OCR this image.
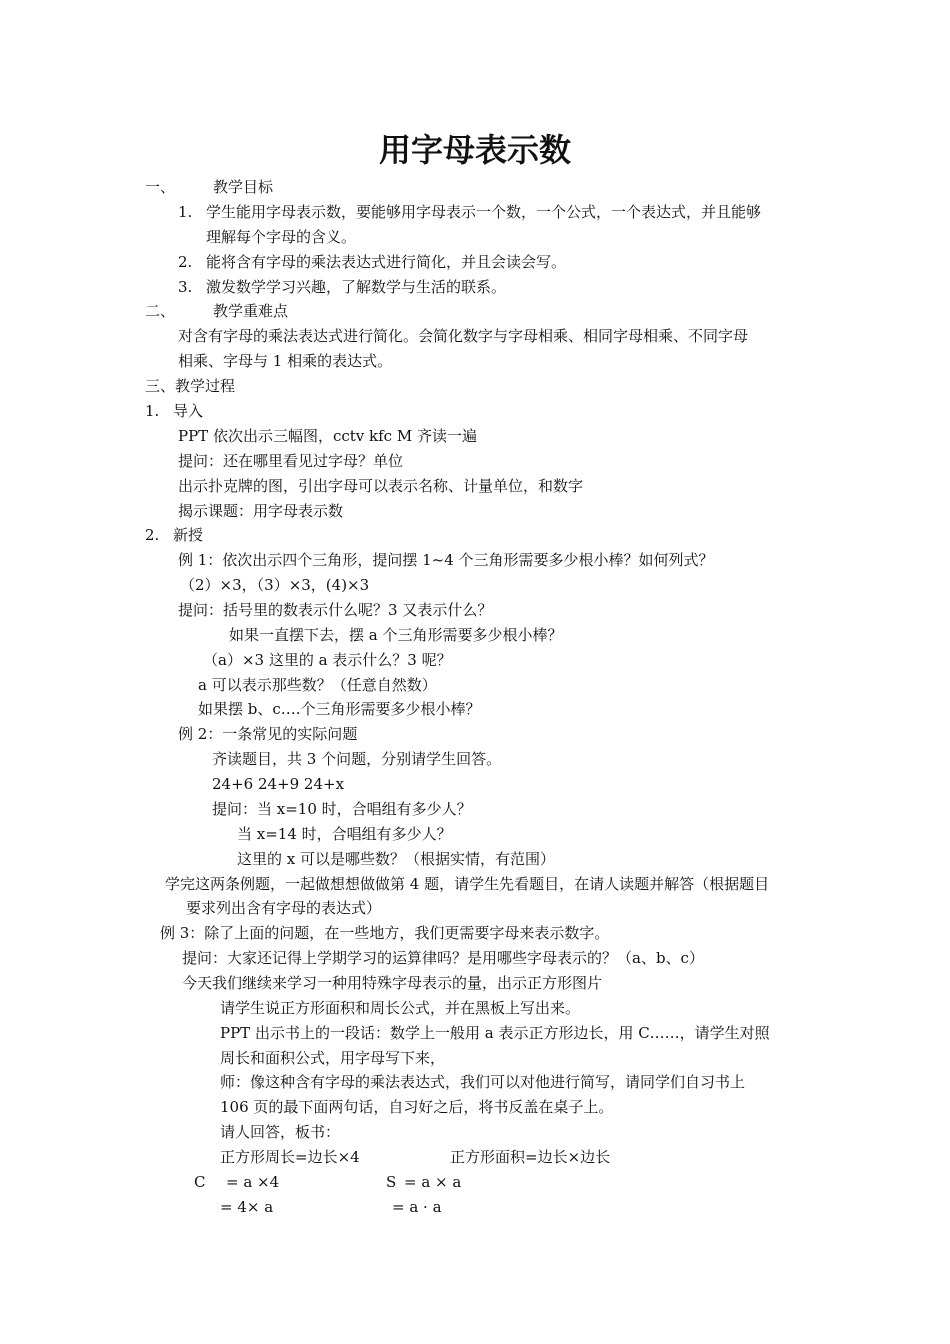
用字母表示数
一、	教学目标
1. 学生能用字母表示数，要能够用字母表示一个数，一个公式，一个表达式，并且能够
理解每个字母的含义。
2. 能将含有字母的乘法表达式进行简化，并且会读会写。
3. 激发数学学习兴趣，了解数学与生活的联系。
二、	教学重难点
对含有字母的乘法表达式进行简化。会简化数字与字母相乘、相同字母相乘、不同字母
相乘、字母与 1 相乘的表达式。
三、教学过程
1. 导入
PPT 依次出示三幅图，cctv kfc M 齐读一遍
提问：还在哪里看见过字母？单位
出示扑克牌的图，引出字母可以表示名称、计量单位，和数字
揭示课题：用字母表示数
2. 新授
例 1：依次出示四个三角形，提问摆 1~4 个三角形需要多少根小棒？如何列式？
（2）×3，（3）×3，(4)×3
提问：括号里的数表示什么呢？3 又表示什么？
如果一直摆下去，摆 a 个三角形需要多少根小棒？
（a）×3 这里的 a 表示什么？3 呢？
a 可以表示那些数？（任意自然数）
如果摆 b、c….个三角形需要多少根小棒？
例 2：一条常见的实际问题
齐读题目，共 3 个问题，分别请学生回答。
24+6 24+9 24+x
提问：当 x=10 时，合唱组有多少人？
当 x=14 时，合唱组有多少人？
这里的 x 可以是哪些数？（根据实情，有范围）
学完这两条例题，一起做想想做做第 4 题，请学生先看题目，在请人读题并解答（根据题目
要求列出含有字母的表达式）
例 3：除了上面的问题，在一些地方，我们更需要字母来表示数字。
提问：大家还记得上学期学习的运算律吗？是用哪些字母表示的？（a、b、c）
今天我们继续来学习一种用特殊字母表示的量，出示正方形图片
请学生说正方形面积和周长公式，并在黑板上写出来。
PPT 出示书上的一段话：数学上一般用 a 表示正方形边长，用 C……，请学生对照
周长和面积公式，用字母写下来，
师：像这种含有字母的乘法表达式，我们可以对他进行简写，请同学们自习书上
106 页的最下面两句话，自习好之后，将书反盖在桌子上。
请人回答，板书：
正方形周长=边长×4	正方形面积=边长×边长
C = a ×4	S = a × a
= 4× a	= a · a
